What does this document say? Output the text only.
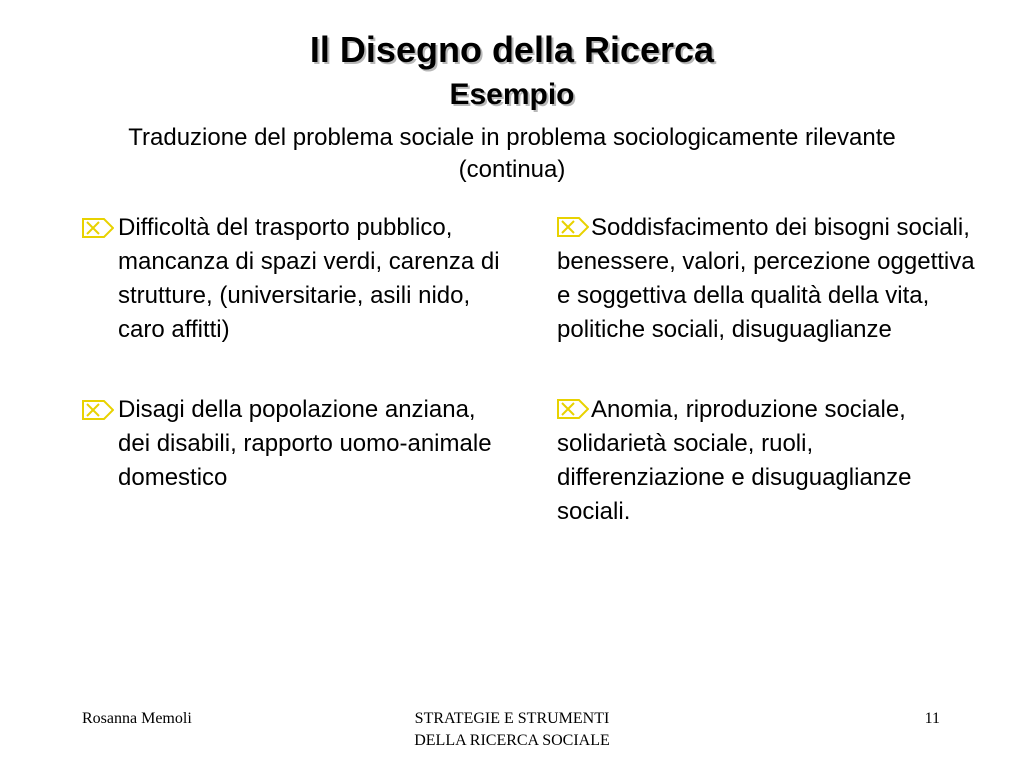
Il Disegno della Ricerca
Esempio
Traduzione del problema sociale in problema sociologicamente rilevante
(continua)
Difficoltà del trasporto pubblico, mancanza di spazi verdi, carenza di strutture, (universitarie, asili nido, caro affitti)
Disagi della popolazione anziana, dei disabili, rapporto uomo-animale domestico
Soddisfacimento dei bisogni sociali, benessere, valori, percezione oggettiva e soggettiva della qualità della vita, politiche sociali, disuguaglianze
Anomia, riproduzione sociale, solidarietà sociale, ruoli, differenziazione e disuguaglianze sociali.
Rosanna Memoli	STRATEGIE E STRUMENTI
DELLA RICERCA SOCIALE
11
